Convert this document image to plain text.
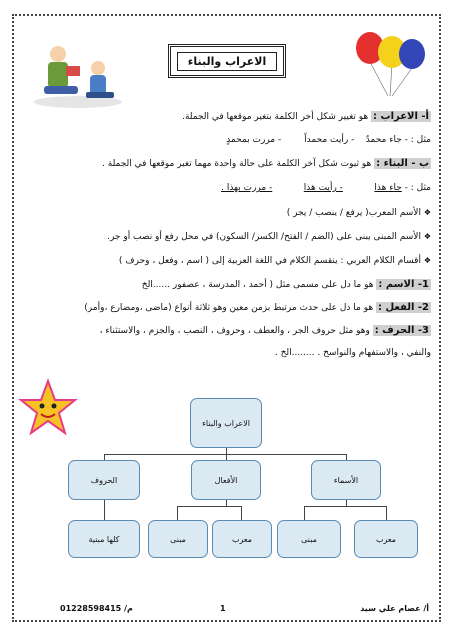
الاعراب والبناء
أ- الاعراب : هو تغيير شكل أخر الكلمة بتغير موقعها في الجملة.
مثل : - جاء محمدٌ    - رأيت محمداً        - مررت بمحمدٍ
ب - البناء : هو ثبوت شكل آخر الكلمة على حالة واحدة مهما تغير موقعها في الجملة .
مثل : - جاء هذا           - رأيت هذا           - مررت بهذا .
❖ الأسم المعرب( يرفع / ينصب / يجر )
❖ الأسم المبنى يبنى على (الضم / الفتح/ الكسر/ السكون) في محل رفع أو نصب أو جر.
❖ أقسام الكلام العربي : ينقسم الكلام في اللغة العربية إلى ( اسم ، وفعل ، وحرف )
1- الاسم : هو ما دل على مسمى مثل ( أحمد ، المدرسة ، عصفور ......الخ
2- الفعل : هو ما دل على حدث مرتبط بزمن معين وهو ثلاثة أنواع (ماضى ،ومضارع ،وأمر)
3- الحرف : وهو مثل حروف الجر ، والعطف ، وحروف ، النصب ، والجزم ، والاستثناء ،
والنفي ، والاستفهام والنواسخ . ........الخ .
الاعراب والبناء
الأسماء
الأفعال
الحروف
معرب
مبنى
معرب
مبنى
كلها مبنية
أ/ عصام علي سيد
1
01228598415 /م
